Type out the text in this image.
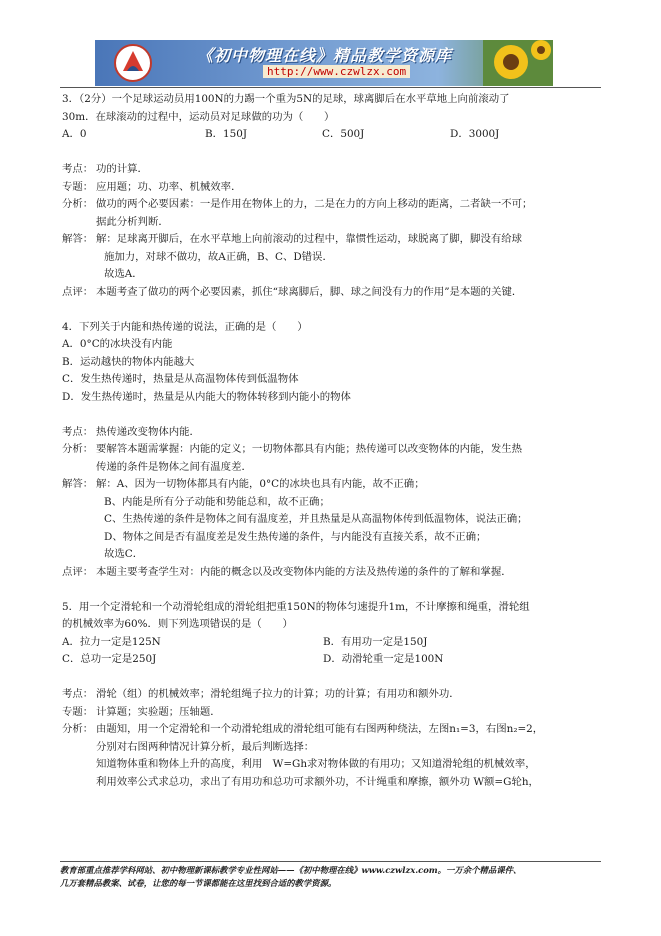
《初中物理在线》精品教学资源库
http://www.czwlzx.com

3．（2分）一个足球运动员用100N的力踢一个重为5N的足球，球离脚后在水平草地上向前滚动了

30m．在球滚动的过程中，运动员对足球做的功为（　　）

A．0	B．150J	C．500J	D．3000J
考点： 功的计算．
专题： 应用题；功、功率、机械效率．
分析： 做功的两个必要因素：一是作用在物体上的力，二是在力的方向上移动的距离，二者缺一不可；

据此分析判断．

解答： 解：足球离开脚后，在水平草地上向前滚动的过程中，靠惯性运动，球脱离了脚，脚没有给球

施加力，对球不做功，故A正确，B、C、D错误．

故选A．

点评： 本题考查了做功的两个必要因素，抓住“球离脚后，脚、球之间没有力的作用”是本题的关键．

4．下列关于内能和热传递的说法，正确的是（　　）

A．0°C的冰块没有内能

B．运动越快的物体内能越大

C．发生热传递时，热量是从高温物体传到低温物体

D．发生热传递时，热量是从内能大的物体转移到内能小的物体

考点： 热传递改变物体内能．
分析： 要解答本题需掌握：内能的定义；一切物体都具有内能；热传递可以改变物体的内能，发生热

传递的条件是物体之间有温度差．

解答： 解：A、因为一切物体都具有内能，0°C的冰块也具有内能，故不正确；

B、内能是所有分子动能和势能总和，故不正确；

C、生热传递的条件是物体之间有温度差，并且热量是从高温物体传到低温物体，说法正确；

D、物体之间是否有温度差是发生热传递的条件，与内能没有直接关系，故不正确；

故选C．

点评： 本题主要考查学生对：内能的概念以及改变物体内能的方法及热传递的条件的了解和掌握．

5．用一个定滑轮和一个动滑轮组成的滑轮组把重150N的物体匀速提升1m，不计摩擦和绳重，滑轮组

的机械效率为60%．则下列选项错误的是（　　）

A．拉力一定是125N	B．有用功一定是150J
C．总功一定是250J	D．动滑轮重一定是100N
考点： 滑轮（组）的机械效率；滑轮组绳子拉力的计算；功的计算；有用功和额外功．
专题： 计算题；实验题；压轴题．
分析： 由题知，用一个定滑轮和一个动滑轮组成的滑轮组可能有右图两种绕法，左图n₁=3，右图n₂=2，

分别对右图两种情况计算分析，最后判断选择：

知道物体重和物体上升的高度，利用　W=Gh求对物体做的有用功；又知道滑轮组的机械效率，

利用效率公式求总功，求出了有用功和总功可求额外功，不计绳重和摩擦，额外功 W额=G轮h，

教育部重点推荐学科网站、初中物理新课标教学专业性网站——《初中物理在线》www.czwlzx.com。一万余个精品课件、
几万套精品教案、试卷，让您的每一节课都能在这里找到合适的教学资源。
